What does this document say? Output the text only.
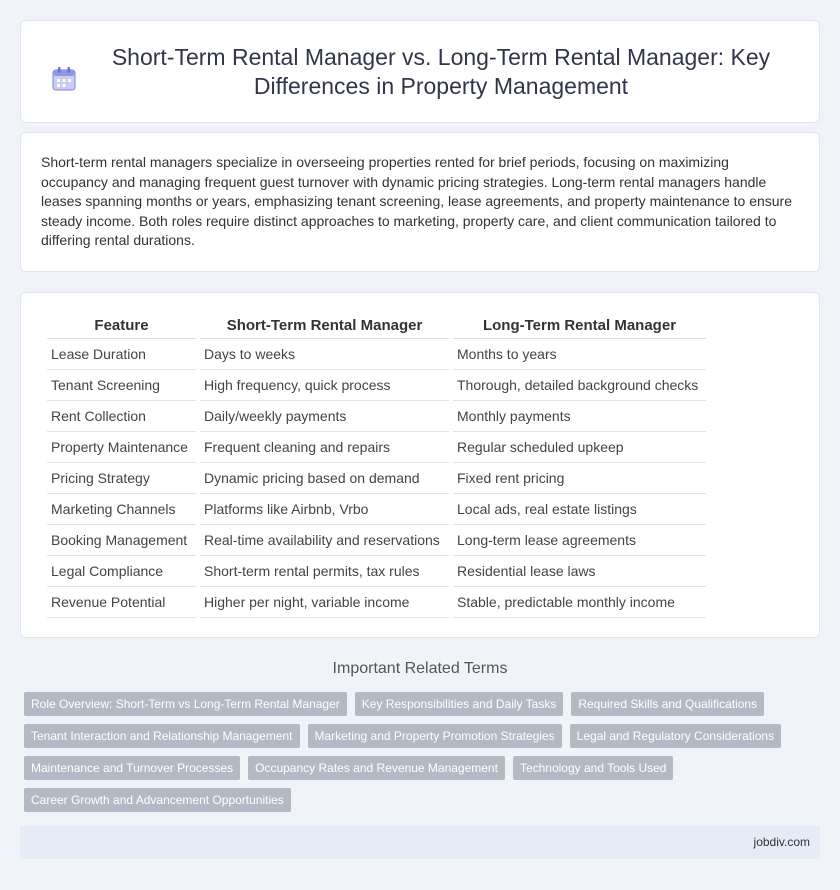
Short-Term Rental Manager vs. Long-Term Rental Manager: Key Differences in Property Management

Short-term rental managers specialize in overseeing properties rented for brief periods, focusing on maximizing occupancy and managing frequent guest turnover with dynamic pricing strategies. Long-term rental managers handle leases spanning months or years, emphasizing tenant screening, lease agreements, and property maintenance to ensure steady income. Both roles require distinct approaches to marketing, property care, and client communication tailored to differing rental durations.

Feature	Short-Term Rental Manager	Long-Term Rental Manager
Lease Duration	Days to weeks	Months to years
Tenant Screening	High frequency, quick process	Thorough, detailed background checks
Rent Collection	Daily/weekly payments	Monthly payments
Property Maintenance	Frequent cleaning and repairs	Regular scheduled upkeep
Pricing Strategy	Dynamic pricing based on demand	Fixed rent pricing
Marketing Channels	Platforms like Airbnb, Vrbo	Local ads, real estate listings
Booking Management	Real-time availability and reservations	Long-term lease agreements
Legal Compliance	Short-term rental permits, tax rules	Residential lease laws
Revenue Potential	Higher per night, variable income	Stable, predictable monthly income
Important Related Terms
Role Overview: Short-Term vs Long-Term Rental Manager	Key Responsibilities and Daily Tasks	Required Skills and Qualifications
Tenant Interaction and Relationship Management	Marketing and Property Promotion Strategies	Legal and Regulatory Considerations
Maintenance and Turnover Processes	Occupancy Rates and Revenue Management	Technology and Tools Used
Career Growth and Advancement Opportunities
jobdiv.com
